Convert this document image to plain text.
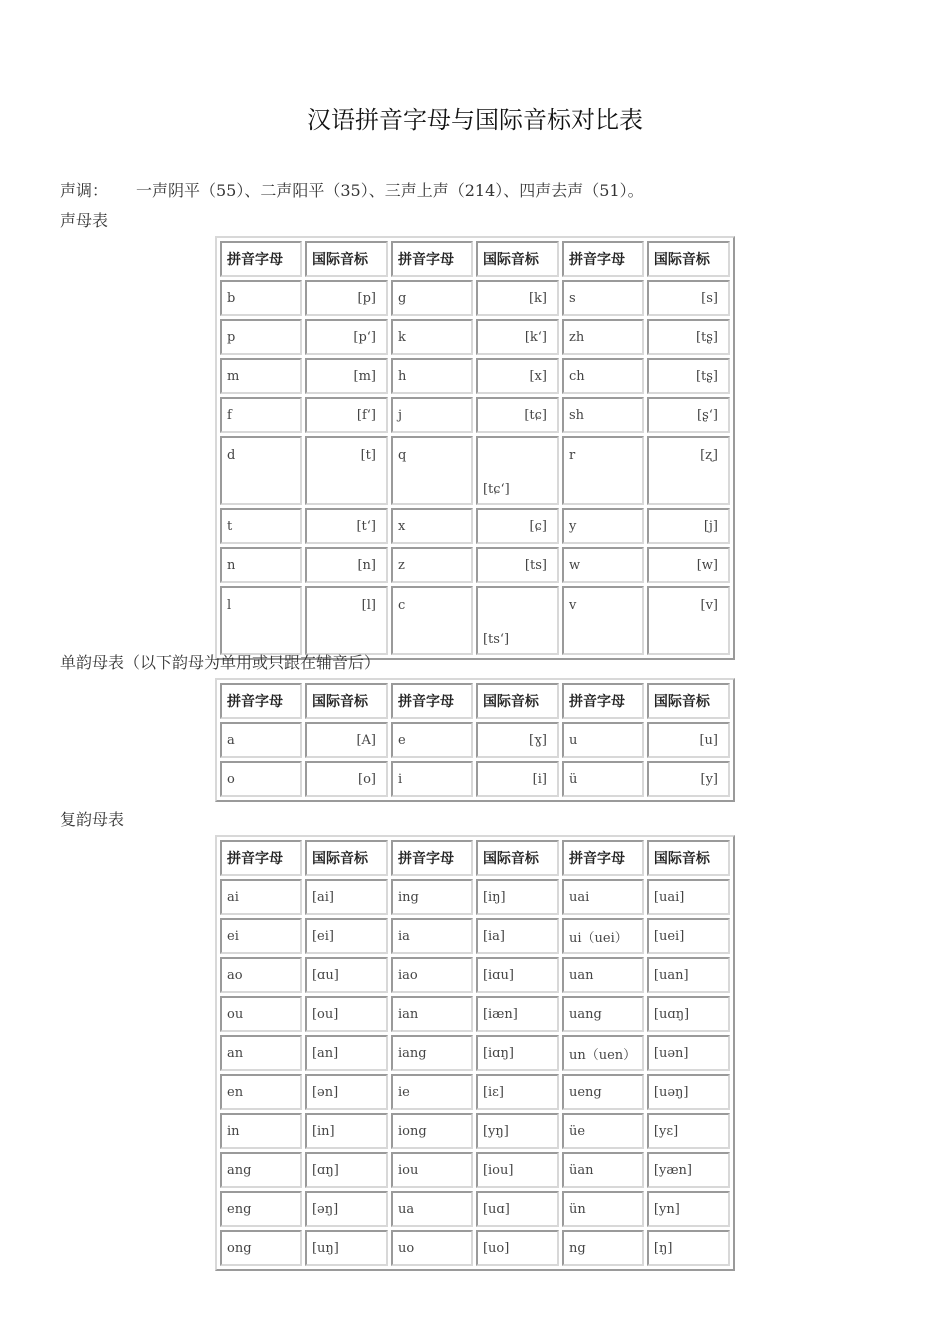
汉语拼音字母与国际音标对比表
声调： 一声阴平（55）、二声阳平（35）、三声上声（214）、四声去声（51）。
声母表
拼音字母	国际音标	拼音字母	国际音标	拼音字母	国际音标
b	[p]	g	[k]	s	[s]
p	[p‘]	k	[k‘]	zh	[tʂ]
m	[m]	h	[x]	ch	[tʂ]
f	[f‘]	j	[tɕ]	sh	[ʂ‘]
d	[t]	q	[tɕ‘]	r	[ʐ]
t	[t‘]	x	[ɕ]	y	[j]
n	[n]	z	[ts]	w	[w]
l	[l]	c	[ts‘]	v	[v]
单韵母表（以下韵母为单用或只跟在辅音后）
拼音字母	国际音标	拼音字母	国际音标	拼音字母	国际音标
a	[A]	e	[ɣ]	u	[u]
o	[o]	i	[i]	ü	[y]
复韵母表
拼音字母	国际音标	拼音字母	国际音标	拼音字母	国际音标
ai	[ai]	ing	[iŋ]	uai	[uai]
ei	[ei]	ia	[ia]	ui（uei）	[uei]
ao	[ɑu]	iao	[iɑu]	uan	[uan]
ou	[ou]	ian	[iæn]	uang	[uɑŋ]
an	[an]	iang	[iɑŋ]	un（uen）	[uən]
en	[ən]	ie	[iɛ]	ueng	[uəŋ]
in	[in]	iong	[yŋ]	üe	[yɛ]
ang	[ɑŋ]	iou	[iou]	üan	[yæn]
eng	[əŋ]	ua	[uɑ]	ün	[yn]
ong	[uŋ]	uo	[uo]	ng	[ŋ]
